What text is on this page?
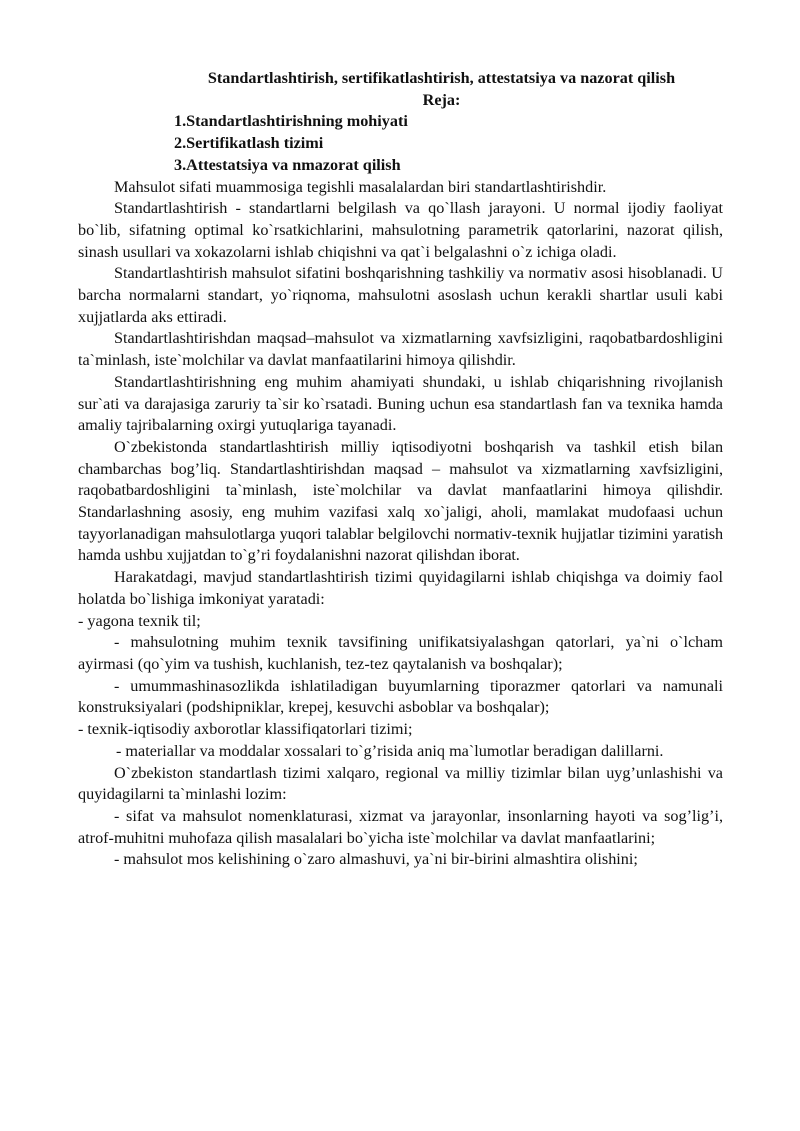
Standartlashtirish, sertifikatlashtirish, attestatsiya va nazorat qilish
Reja:
1.Standartlashtirishning mohiyati
2.Sertifikatlash tizimi
3.Attestatsiya va nmazorat qilish

Mahsulot sifati muammosiga tegishli masalalardan biri standartlashtirishdir.

Standartlashtirish - standartlarni belgilash va qo`llash jarayoni. U normal ijodiy faoliyat bo`lib, sifatning optimal ko`rsatkichlarini, mahsulotning parametrik qatorlarini, nazorat qilish, sinash usullari va xokazolarni ishlab chiqishni va qat`i belgalashni o`z ichiga oladi.

Standartlashtirish mahsulot sifatini boshqarishning tashkiliy va normativ asosi hisoblanadi. U barcha normalarni standart, yo`riqnoma, mahsulotni asoslash uchun kerakli shartlar usuli kabi xujjatlarda aks ettiradi.

Standartlashtirishdan maqsad–mahsulot va xizmatlarning xavfsizligini, raqobatbardoshligini ta`minlash, iste`molchilar va davlat manfaatilarini himoya qilishdir.

Standartlashtirishning eng muhim ahamiyati shundaki, u ishlab chiqarishning rivojlanish sur`ati va darajasiga zaruriy ta`sir ko`rsatadi. Buning uchun esa standartlash fan va texnika hamda amaliy tajribalarning oxirgi yutuqlariga tayanadi.

O`zbekistonda standartlashtirish milliy iqtisodiyotni boshqarish va tashkil etish bilan chambarchas bog’liq. Standartlashtirishdan maqsad – mahsulot va xizmatlarning xavfsizligini, raqobatbardoshligini ta`minlash, iste`molchilar va davlat manfaatlarini himoya qilishdir. Standarlashning asosiy, eng muhim vazifasi xalq xo`jaligi, aholi, mamlakat mudofaasi uchun tayyorlanadigan mahsulotlarga yuqori talablar belgilovchi normativ-texnik hujjatlar tizimini yaratish hamda ushbu xujjatdan to`g’ri foydalanishni nazorat qilishdan iborat.

Harakatdagi, mavjud standartlashtirish tizimi quyidagilarni ishlab chiqishga va doimiy faol holatda bo`lishiga imkoniyat yaratadi:

- yagona texnik til;

- mahsulotning muhim texnik tavsifining unifikatsiyalashgan qatorlari, ya`ni o`lcham ayirmasi (qo`yim va tushish, kuchlanish, tez-tez qaytalanish va boshqalar);

- umummashinasozlikda ishlatiladigan buyumlarning tiporazmer qatorlari va namunali konstruksiyalari (podshipniklar, krepej, kesuvchi asboblar va boshqalar);

- texnik-iqtisodiy axborotlar klassifiqatorlari tizimi;

- materiallar va moddalar xossalari to`g’risida aniq ma`lumotlar beradigan dalillarni.

O`zbekiston standartlash tizimi xalqaro, regional va milliy tizimlar bilan uyg’unlashishi va quyidagilarni ta`minlashi lozim:

- sifat va mahsulot nomenklaturasi, xizmat va jarayonlar, insonlarning hayoti va sog’lig’i, atrof-muhitni muhofaza qilish masalalari bo`yicha iste`molchilar va davlat manfaatlarini;

- mahsulot mos kelishining o`zaro almashuvi, ya`ni bir-birini almashtira olishini;
